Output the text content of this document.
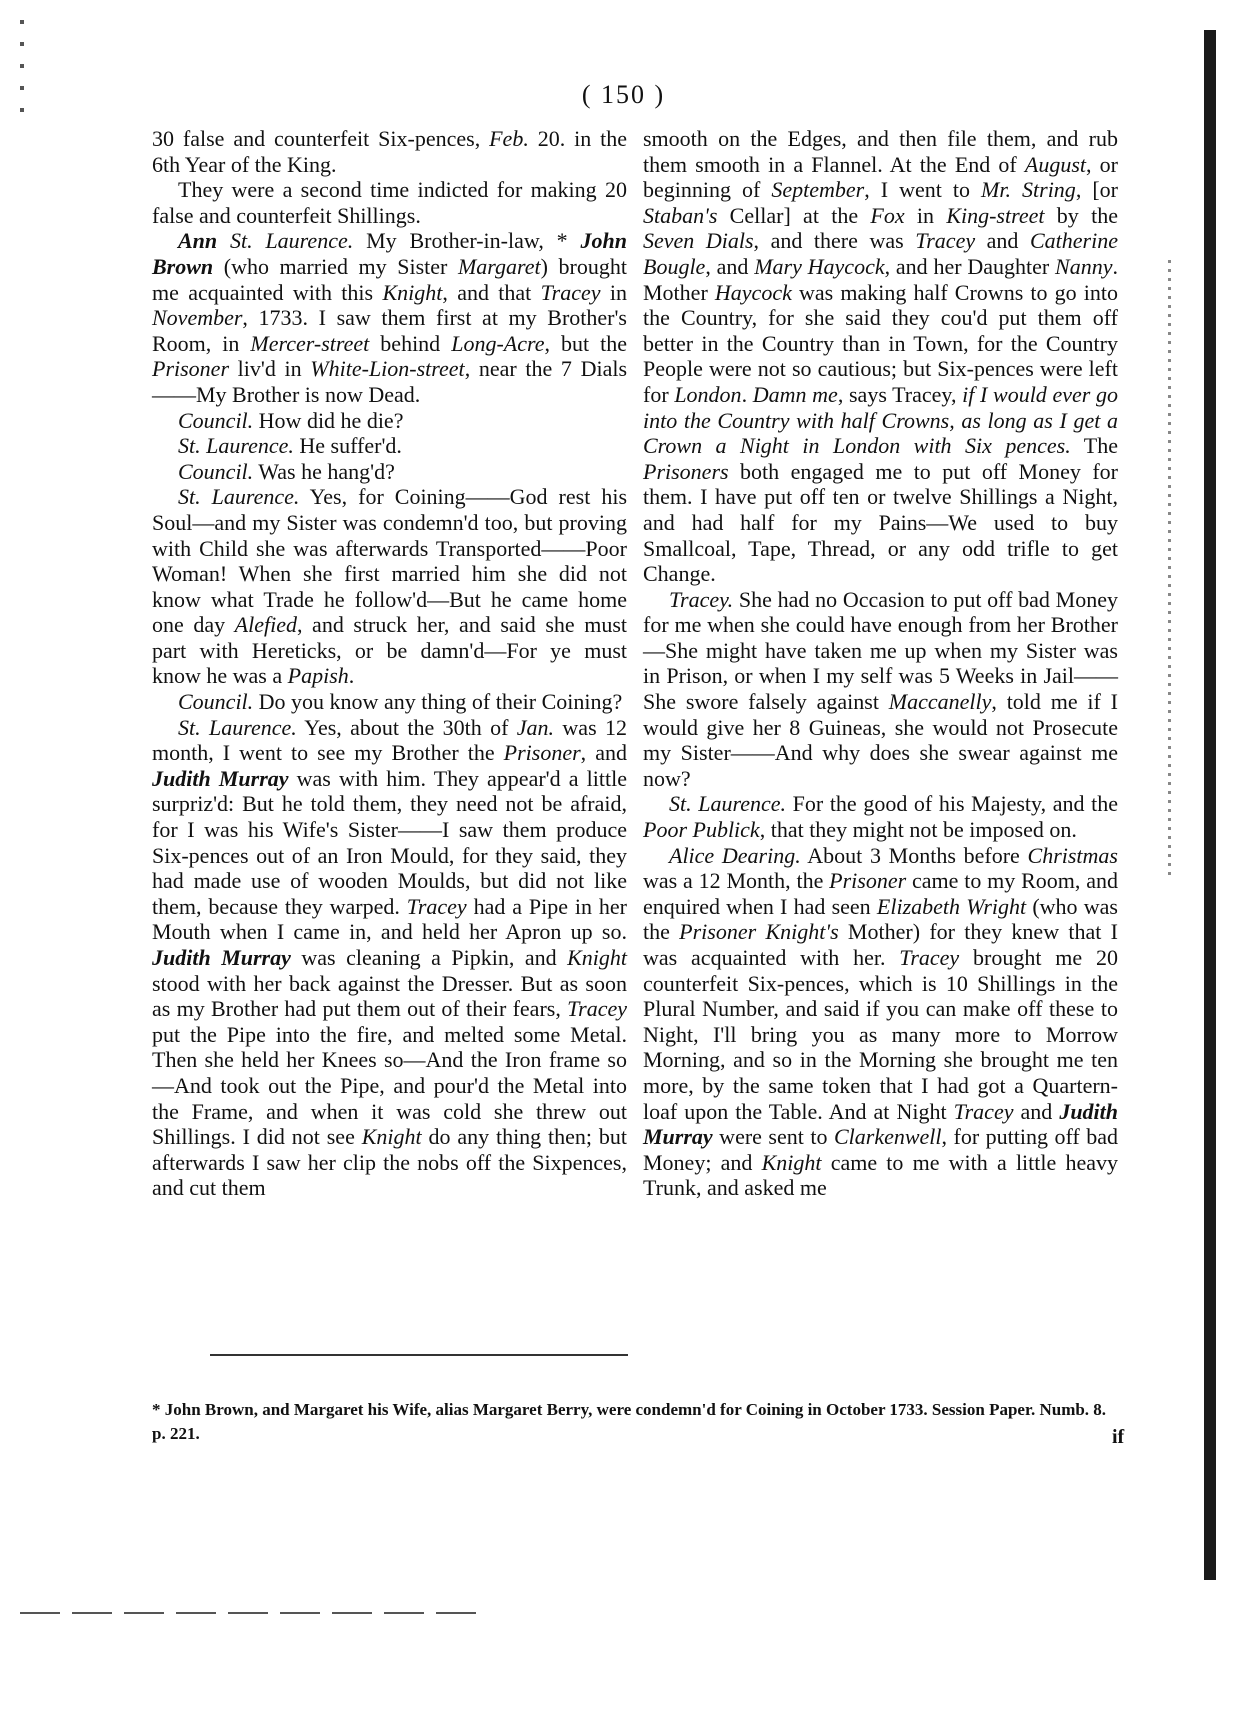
( 150 )

30 false and counterfeit Six-pences, Feb. 20. in the 6th Year of the King.

They were a second time indicted for making 20 false and counterfeit Shillings.

Ann St. Laurence. My Brother-in-law, * John Brown (who married my Sister Margaret) brought me acquainted with this Knight, and that Tracey in November, 1733. I saw them first at my Brother's Room, in Mercer-street behind Long-Acre, but the Prisoner liv'd in White-Lion-street, near the 7 Dials——My Brother is now Dead.

Council. How did he die?

St. Laurence. He suffer'd.

Council. Was he hang'd?

St. Laurence. Yes, for Coining——God rest his Soul—and my Sister was condemn'd too, but proving with Child she was afterwards Transported——Poor Woman! When she first married him she did not know what Trade he follow'd—But he came home one day Alefied, and struck her, and said she must part with Hereticks, or be damn'd—For ye must know he was a Papish.

Council. Do you know any thing of their Coining?

St. Laurence. Yes, about the 30th of Jan. was 12 month, I went to see my Brother the Prisoner, and Judith Murray was with him. They appear'd a little surpriz'd: But he told them, they need not be afraid, for I was his Wife's Sister——I saw them produce Six-pences out of an Iron Mould, for they said, they had made use of wooden Moulds, but did not like them, because they warped. Tracey had a Pipe in her Mouth when I came in, and held her Apron up so. Judith Murray was cleaning a Pipkin, and Knight stood with her back against the Dresser. But as soon as my Brother had put them out of their fears, Tracey put the Pipe into the fire, and melted some Metal. Then she held her Knees so—And the Iron frame so—And took out the Pipe, and pour'd the Metal into the Frame, and when it was cold she threw out Shillings. I did not see Knight do any thing then; but afterwards I saw her clip the nobs off the Sixpences, and cut them

smooth on the Edges, and then file them, and rub them smooth in a Flannel. At the End of August, or beginning of September, I went to Mr. String, [or Staban's Cellar] at the Fox in King-street by the Seven Dials, and there was Tracey and Catherine Bougle, and Mary Haycock, and her Daughter Nanny. Mother Haycock was making half Crowns to go into the Country, for she said they cou'd put them off better in the Country than in Town, for the Country People were not so cautious; but Six-pences were left for London. Damn me, says Tracey, if I would ever go into the Country with half Crowns, as long as I get a Crown a Night in London with Six pences. The Prisoners both engaged me to put off Money for them. I have put off ten or twelve Shillings a Night, and had half for my Pains—We used to buy Smallcoal, Tape, Thread, or any odd trifle to get Change.

Tracey. She had no Occasion to put off bad Money for me when she could have enough from her Brother—She might have taken me up when my Sister was in Prison, or when I my self was 5 Weeks in Jail——She swore falsely against Maccanelly, told me if I would give her 8 Guineas, she would not Prosecute my Sister——And why does she swear against me now?

St. Laurence. For the good of his Majesty, and the Poor Publick, that they might not be imposed on.

Alice Dearing. About 3 Months before Christmas was a 12 Month, the Prisoner came to my Room, and enquired when I had seen Elizabeth Wright (who was the Prisoner Knight's Mother) for they knew that I was acquainted with her. Tracey brought me 20 counterfeit Six-pences, which is 10 Shillings in the Plural Number, and said if you can make off these to Night, I'll bring you as many more to Morrow Morning, and so in the Morning she brought me ten more, by the same token that I had got a Quartern-loaf upon the Table. And at Night Tracey and Judith Murray were sent to Clarkenwell, for putting off bad Money; and Knight came to me with a little heavy Trunk, and asked me

* John Brown, and Margaret his Wife, alias Margaret Berry, were condemn'd for Coining in October 1733. Session Paper. Numb. 8. p. 221.	if
